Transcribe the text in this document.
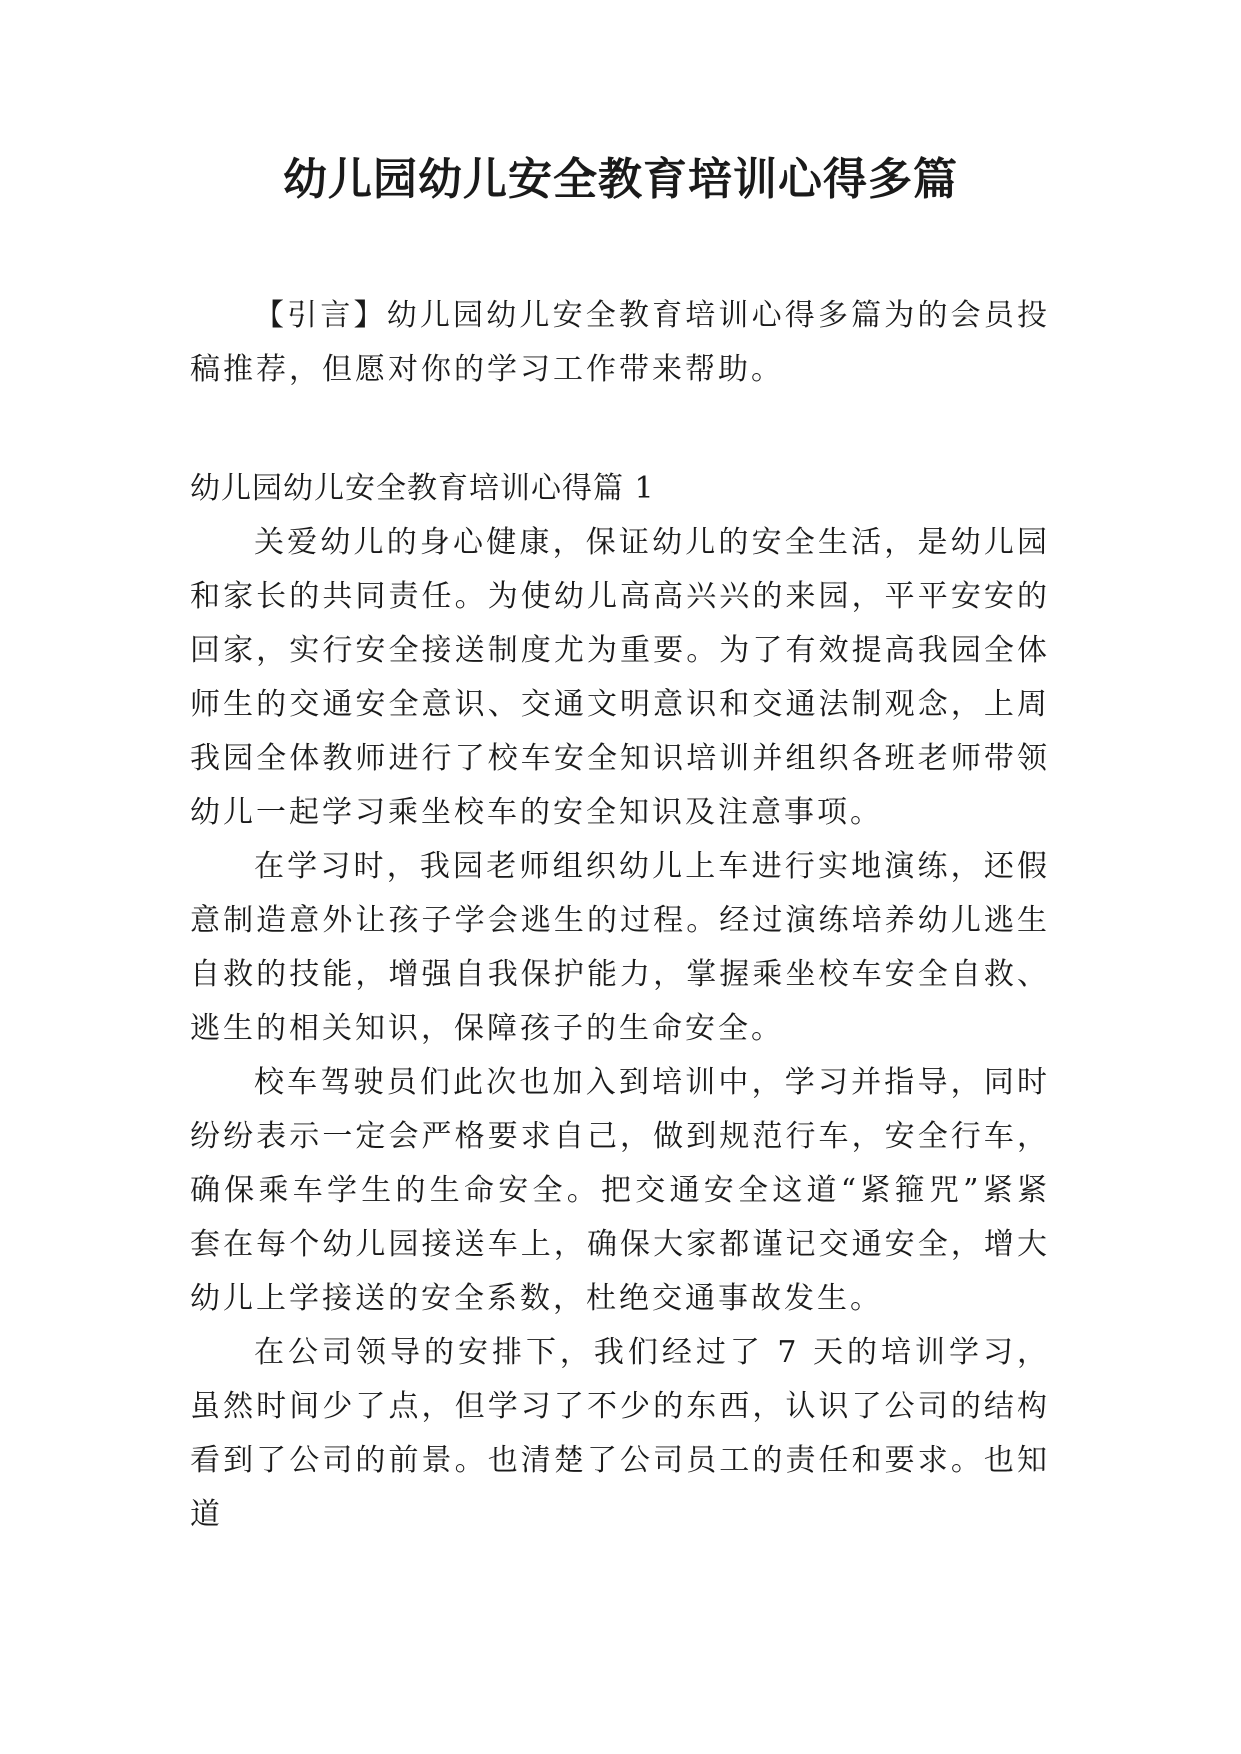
幼儿园幼儿安全教育培训心得多篇
【引言】幼儿园幼儿安全教育培训心得多篇为的会员投稿推荐，但愿对你的学习工作带来帮助。
幼儿园幼儿安全教育培训心得篇 1

关爱幼儿的身心健康，保证幼儿的安全生活，是幼儿园和家长的共同责任。为使幼儿高高兴兴的来园，平平安安的回家，实行安全接送制度尤为重要。为了有效提高我园全体师生的交通安全意识、交通文明意识和交通法制观念，上周我园全体教师进行了校车安全知识培训并组织各班老师带领幼儿一起学习乘坐校车的安全知识及注意事项。

在学习时，我园老师组织幼儿上车进行实地演练，还假意制造意外让孩子学会逃生的过程。经过演练培养幼儿逃生自救的技能，增强自我保护能力，掌握乘坐校车安全自救、逃生的相关知识，保障孩子的生命安全。

校车驾驶员们此次也加入到培训中，学习并指导，同时纷纷表示一定会严格要求自己，做到规范行车，安全行车，确保乘车学生的生命安全。把交通安全这道“紧箍咒”紧紧套在每个幼儿园接送车上，确保大家都谨记交通安全，增大幼儿上学接送的安全系数，杜绝交通事故发生。

在公司领导的安排下，我们经过了 7 天的培训学习，虽然时间少了点，但学习了不少的东西，认识了公司的结构看到了公司的前景。也清楚了公司员工的责任和要求。也知道
